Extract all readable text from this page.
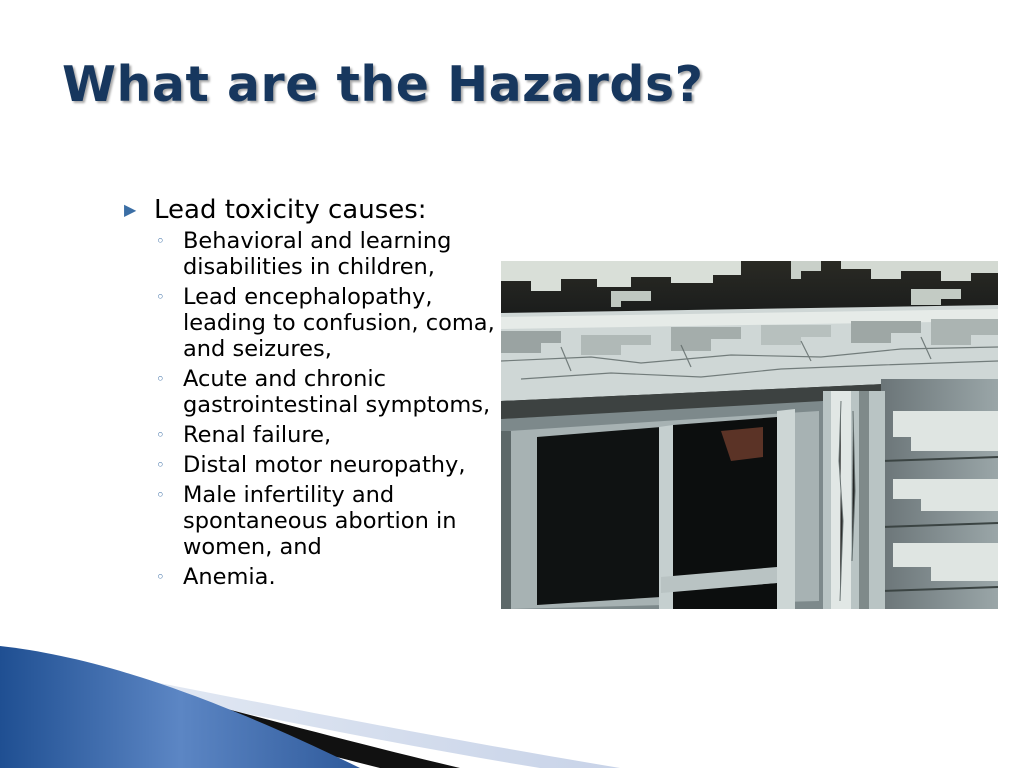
What are the Hazards?
▶ Lead toxicity causes:
◦ Behavioral and learning disabilities in children,
◦ Lead encephalopathy, leading to confusion, coma, and seizures,
◦ Acute and chronic gastrointestinal symptoms,
◦ Renal failure,
◦ Distal motor neuropathy,
◦ Male infertility and spontaneous abortion in women, and
◦ Anemia.
